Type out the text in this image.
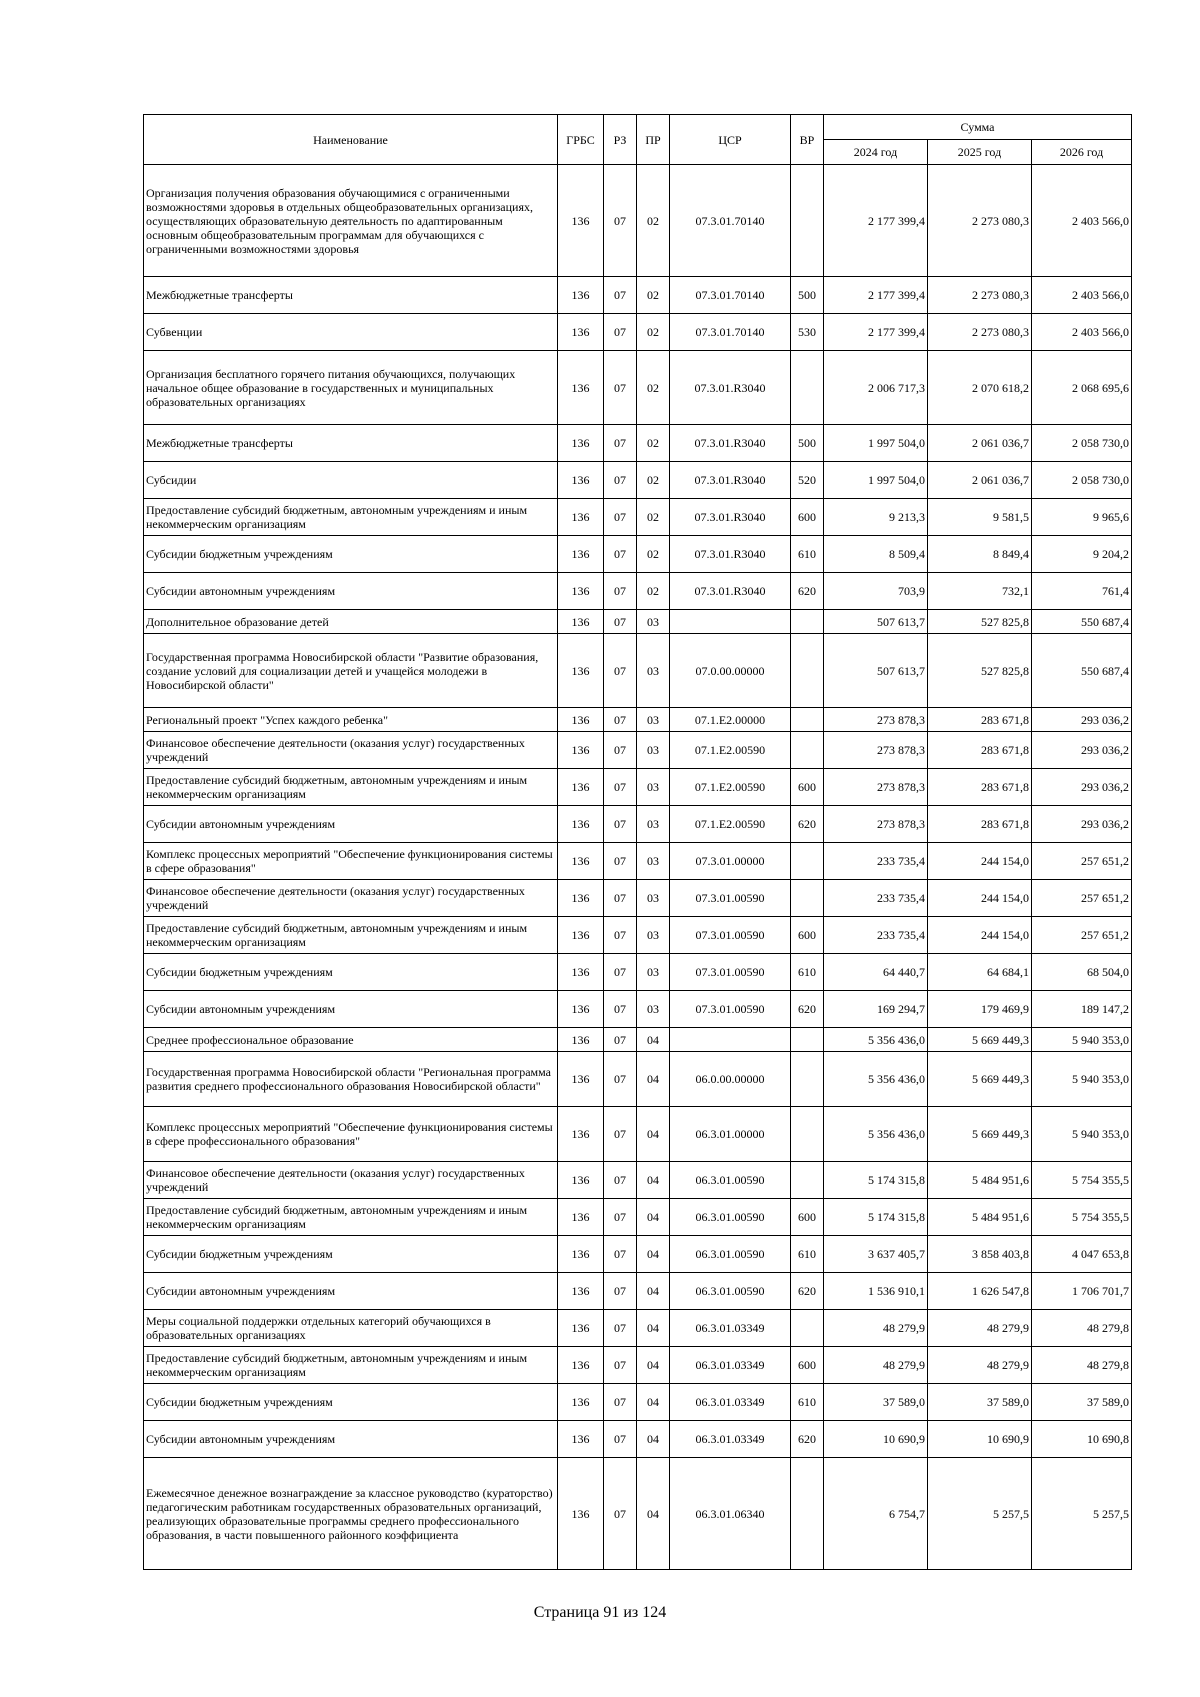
Наименование	ГРБС	РЗ	ПР	ЦСР	ВР	Сумма		
						2024 год	2025 год	2026 год
Организация получения образования обучающимися с ограниченными возможностями здоровья в отдельных общеобразовательных организациях, осуществляющих образовательную деятельность по адаптированным основным общеобразовательным программам для обучающихся с ограниченными возможностями здоровья	136	07	02	07.3.01.70140		2 177 399,4	2 273 080,3	2 403 566,0
Межбюджетные трансферты	136	07	02	07.3.01.70140	500	2 177 399,4	2 273 080,3	2 403 566,0
Субвенции	136	07	02	07.3.01.70140	530	2 177 399,4	2 273 080,3	2 403 566,0
Организация бесплатного горячего питания обучающихся, получающих начальное общее образование в государственных и муниципальных образовательных организациях	136	07	02	07.3.01.R3040		2 006 717,3	2 070 618,2	2 068 695,6
Межбюджетные трансферты	136	07	02	07.3.01.R3040	500	1 997 504,0	2 061 036,7	2 058 730,0
Субсидии	136	07	02	07.3.01.R3040	520	1 997 504,0	2 061 036,7	2 058 730,0
Предоставление субсидий бюджетным, автономным учреждениям и иным некоммерческим организациям	136	07	02	07.3.01.R3040	600	9 213,3	9 581,5	9 965,6
Субсидии бюджетным учреждениям	136	07	02	07.3.01.R3040	610	8 509,4	8 849,4	9 204,2
Субсидии автономным учреждениям	136	07	02	07.3.01.R3040	620	703,9	732,1	761,4
Дополнительное образование детей	136	07	03			507 613,7	527 825,8	550 687,4
Государственная программа Новосибирской области "Развитие образования, создание условий для социализации детей и учащейся молодежи в Новосибирской области"	136	07	03	07.0.00.00000		507 613,7	527 825,8	550 687,4
Региональный проект "Успех каждого ребенка"	136	07	03	07.1.E2.00000		273 878,3	283 671,8	293 036,2
Финансовое обеспечение деятельности (оказания услуг) государственных учреждений	136	07	03	07.1.E2.00590		273 878,3	283 671,8	293 036,2
Предоставление субсидий бюджетным, автономным учреждениям и иным некоммерческим организациям	136	07	03	07.1.E2.00590	600	273 878,3	283 671,8	293 036,2
Субсидии автономным учреждениям	136	07	03	07.1.E2.00590	620	273 878,3	283 671,8	293 036,2
Комплекс процессных мероприятий "Обеспечение функционирования системы в сфере образования"	136	07	03	07.3.01.00000		233 735,4	244 154,0	257 651,2
Финансовое обеспечение деятельности (оказания услуг) государственных учреждений	136	07	03	07.3.01.00590		233 735,4	244 154,0	257 651,2
Предоставление субсидий бюджетным, автономным учреждениям и иным некоммерческим организациям	136	07	03	07.3.01.00590	600	233 735,4	244 154,0	257 651,2
Субсидии бюджетным учреждениям	136	07	03	07.3.01.00590	610	64 440,7	64 684,1	68 504,0
Субсидии автономным учреждениям	136	07	03	07.3.01.00590	620	169 294,7	179 469,9	189 147,2
Среднее профессиональное образование	136	07	04			5 356 436,0	5 669 449,3	5 940 353,0
Государственная программа Новосибирской области "Региональная программа развития среднего профессионального образования Новосибирской области"	136	07	04	06.0.00.00000		5 356 436,0	5 669 449,3	5 940 353,0
Комплекс процессных мероприятий "Обеспечение функционирования системы в сфере профессионального образования"	136	07	04	06.3.01.00000		5 356 436,0	5 669 449,3	5 940 353,0
Финансовое обеспечение деятельности (оказания услуг) государственных учреждений	136	07	04	06.3.01.00590		5 174 315,8	5 484 951,6	5 754 355,5
Предоставление субсидий бюджетным, автономным учреждениям и иным некоммерческим организациям	136	07	04	06.3.01.00590	600	5 174 315,8	5 484 951,6	5 754 355,5
Субсидии бюджетным учреждениям	136	07	04	06.3.01.00590	610	3 637 405,7	3 858 403,8	4 047 653,8
Субсидии автономным учреждениям	136	07	04	06.3.01.00590	620	1 536 910,1	1 626 547,8	1 706 701,7
Меры социальной поддержки отдельных категорий обучающихся в образовательных организациях	136	07	04	06.3.01.03349		48 279,9	48 279,9	48 279,8
Предоставление субсидий бюджетным, автономным учреждениям и иным некоммерческим организациям	136	07	04	06.3.01.03349	600	48 279,9	48 279,9	48 279,8
Субсидии бюджетным учреждениям	136	07	04	06.3.01.03349	610	37 589,0	37 589,0	37 589,0
Субсидии автономным учреждениям	136	07	04	06.3.01.03349	620	10 690,9	10 690,9	10 690,8
Ежемесячное денежное вознаграждение за классное руководство (кураторство) педагогическим работникам государственных образовательных организаций, реализующих образовательные программы среднего профессионального образования, в части повышенного районного коэффициента	136	07	04	06.3.01.06340		6 754,7	5 257,5	5 257,5
Страница 91 из 124
